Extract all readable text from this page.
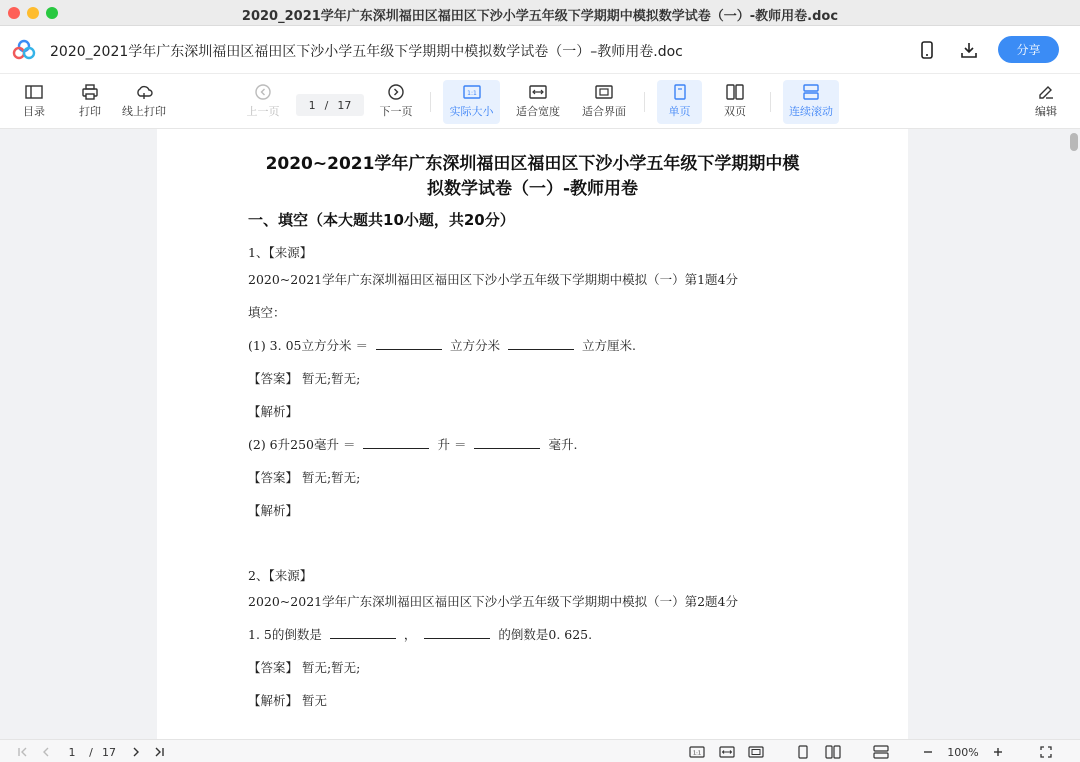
2020_2021学年广东深圳福田区福田区下沙小学五年级下学期期中模拟数学试卷（一）-教师用卷.doc
2020_2021学年广东深圳福田区福田区下沙小学五年级下学期期中模拟数学试卷（一）–教师用卷.doc	分享
目录	打印 线上打印	上一页	1 / 17	下一页
1:1
实际大小 适合宽度 适合界面	单页	双页	连续滚动	编辑
2020~2021学年广东深圳福田区福田区下沙小学五年级下学期期中模
拟数学试卷（一）-教师用卷
一、填空（本大题共10小题，共20分）
1、【来源】
2020~2021学年广东深圳福田区福田区下沙小学五年级下学期期中模拟（一）第1题4分
填空：
(1) 3. 05立方分米 ＝	立方分米	立方厘米.
【答案】 暂无;暂无;
【解析】
(2) 6升250毫升 ＝	升 ＝	毫升.
【答案】 暂无;暂无;
【解析】
2、【来源】
2020~2021学年广东深圳福田区福田区下沙小学五年级下学期期中模拟（一）第2题4分
1. 5的倒数是	，	的倒数是0. 625.
【答案】 暂无;暂无;
【解析】 暂无
1	/ 17	1:1	100%
